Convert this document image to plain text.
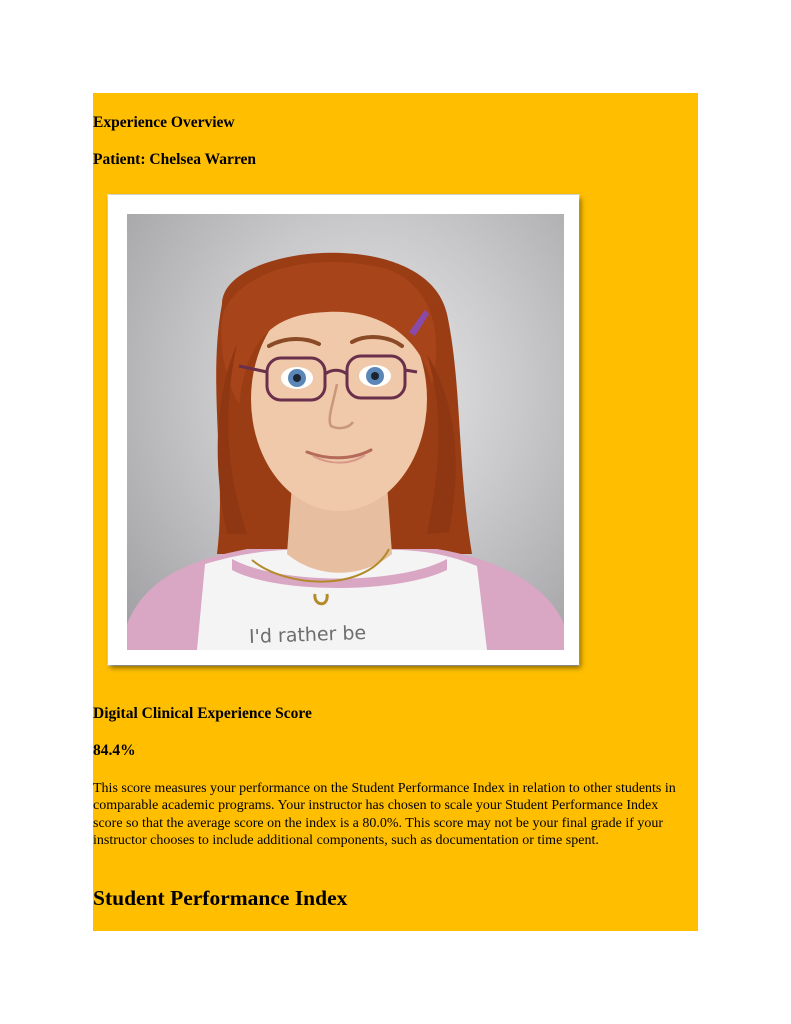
Experience Overview

Patient: Chelsea Warren

I'd rather be

Digital Clinical Experience Score

84.4%

This score measures your performance on the Student Performance Index in relation to other students in comparable academic programs. Your instructor has chosen to scale your Student Performance Index score so that the average score on the index is a 80.0%. This score may not be your final grade if your instructor chooses to include additional components, such as documentation or time spent.

Student Performance Index
